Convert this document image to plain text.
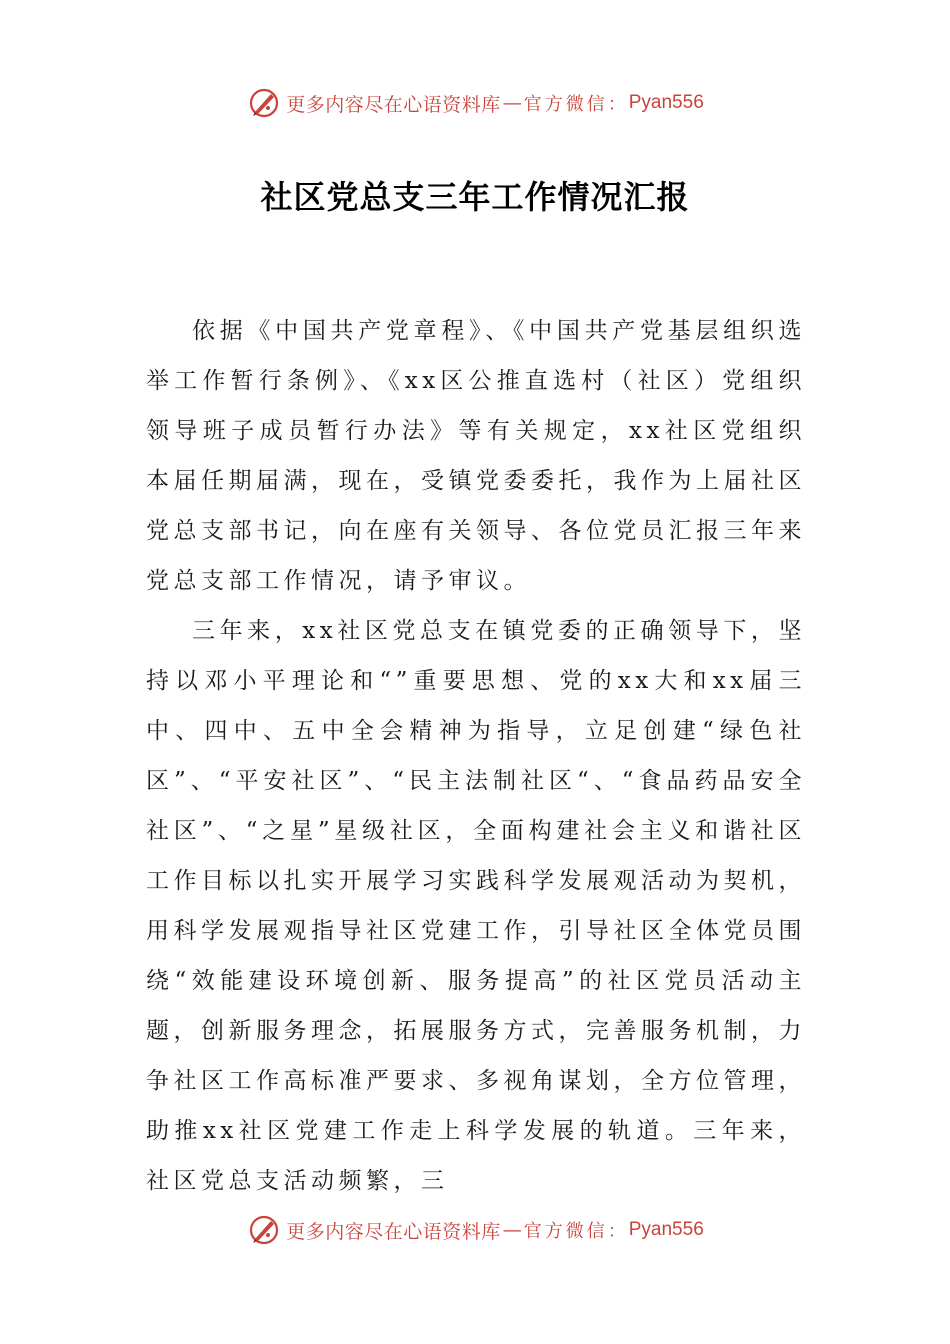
更多内容尽在心语资料库 — 官方微信： Pyan556
社区党总支三年工作情况汇报

依据《中国共产党章程》、《中国共产党基层组织选举工作暂行条例》、《xx区公推直选村（社区）党组织领导班子成员暂行办法》等有关规定，xx社区党组织本届任期届满，现在，受镇党委委托，我作为上届社区党总支部书记，向在座有关领导、各位党员汇报三年来党总支部工作情况，请予审议。

三年来，xx社区党总支在镇党委的正确领导下，坚持以邓小平理论和“”重要思想、党的xx大和xx届三中、四中、五中全会精神为指导，立足创建“绿色社区”、“平安社区”、“民主法制社区“、“食品药品安全社区”、“之星”星级社区，全面构建社会主义和谐社区工作目标以扎实开展学习实践科学发展观活动为契机，用科学发展观指导社区党建工作，引导社区全体党员围绕“效能建设环境创新、服务提高”的社区党员活动主题，创新服务理念，拓展服务方式，完善服务机制，力争社区工作高标准严要求、多视角谋划，全方位管理，助推xx社区党建工作走上科学发展的轨道。三年来，社区党总支活动频繁，三

更多内容尽在心语资料库 — 官方微信： Pyan556
